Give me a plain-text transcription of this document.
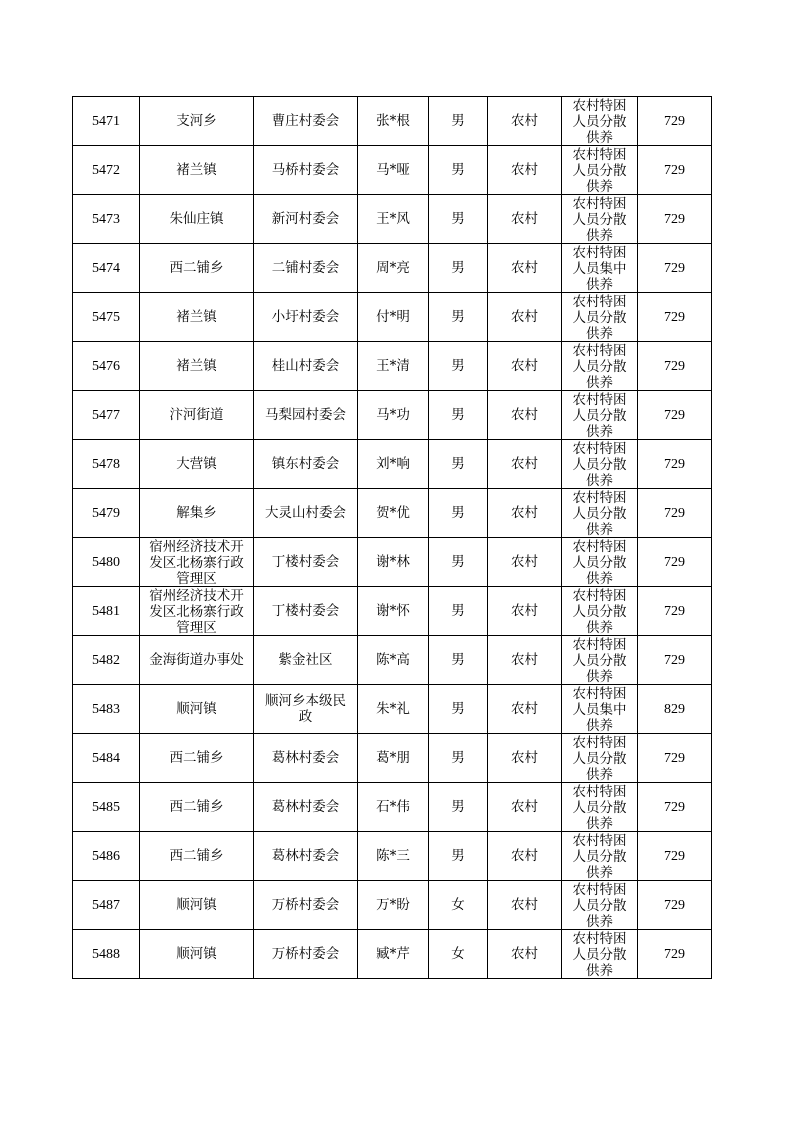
5471	支河乡	曹庄村委会	张*根	男	农村	农村特困人员分散供养	729
5472	褚兰镇	马桥村委会	马*哑	男	农村	农村特困人员分散供养	729
5473	朱仙庄镇	新河村委会	王*风	男	农村	农村特困人员分散供养	729
5474	西二铺乡	二铺村委会	周*亮	男	农村	农村特困人员集中供养	729
5475	褚兰镇	小圩村委会	付*明	男	农村	农村特困人员分散供养	729
5476	褚兰镇	桂山村委会	王*清	男	农村	农村特困人员分散供养	729
5477	汴河街道	马梨园村委会	马*功	男	农村	农村特困人员分散供养	729
5478	大营镇	镇东村委会	刘*响	男	农村	农村特困人员分散供养	729
5479	解集乡	大灵山村委会	贺*优	男	农村	农村特困人员分散供养	729
5480	宿州经济技术开发区北杨寨行政管理区	丁楼村委会	谢*林	男	农村	农村特困人员分散供养	729
5481	宿州经济技术开发区北杨寨行政管理区	丁楼村委会	谢*怀	男	农村	农村特困人员分散供养	729
5482	金海街道办事处	紫金社区	陈*高	男	农村	农村特困人员分散供养	729
5483	顺河镇	顺河乡本级民政	朱*礼	男	农村	农村特困人员集中供养	829
5484	西二铺乡	葛林村委会	葛*朋	男	农村	农村特困人员分散供养	729
5485	西二铺乡	葛林村委会	石*伟	男	农村	农村特困人员分散供养	729
5486	西二铺乡	葛林村委会	陈*三	男	农村	农村特困人员分散供养	729
5487	顺河镇	万桥村委会	万*盼	女	农村	农村特困人员分散供养	729
5488	顺河镇	万桥村委会	臧*芹	女	农村	农村特困人员分散供养	729
